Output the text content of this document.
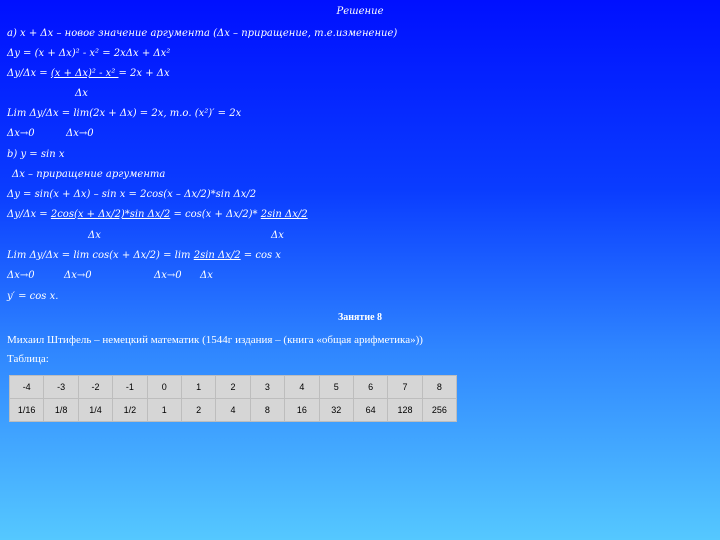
Решение
а) x + Δx – новое значение аргумента (Δx – приращение, т.е.изменение)
Δy = (x + Δx)² - x² = 2xΔx + Δx²
Δy/Δx = (x + Δx)² - x² = 2x + Δx
Δx
Lim Δy/Δx = lim(2x + Δx) = 2x, т.о. (x²)′ = 2x
Δx→0	Δx→0
b) y = sin x
Δx – приращение аргумента
Δy = sin(x + Δx) – sin x = 2cos(x – Δx/2)*sin Δx/2
Δy/Δx = 2cos(x + Δx/2)*sin Δx/2 = cos(x + Δx/2)* 2sin Δx/2
Δx	Δx
Lim Δy/Δx = lim cos(x + Δx/2) = lim 2sin Δx/2 = cos x
Δx→0	Δx→0	Δx→0 Δx
y′ = cos x.
Занятие 8
Михаил Штифель – немецкий математик (1544г издания – (книга «общая арифметика»))
Таблица:
-4	-3	-2	-1	0	1	2	3	4	5	6	7	8
1/16	1/8	1/4	1/2	1	2	4	8	16	32	64	128	256
